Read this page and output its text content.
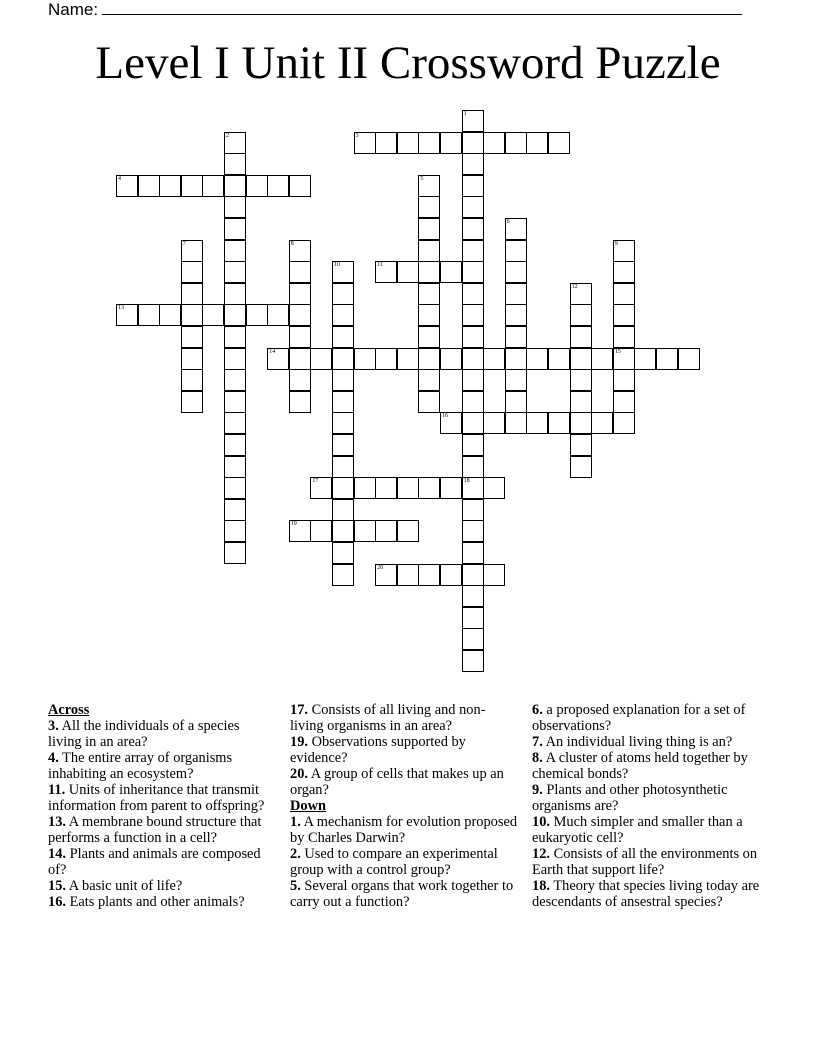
Name:
Level I Unit II Crossword Puzzle
1
2	3
4	5
6
7	8	9
15
10	11
12
13
14
16
17	18
19
20
Across
3. All the individuals of a species living in an area?
4. The entire array of organisms inhabiting an ecosystem?
11. Units of inheritance that transmit information from parent to offspring?
13. A membrane bound structure that performs a function in a cell?
14. Plants and animals are composed of?
15. A basic unit of life?
16. Eats plants and other animals?
17. Consists of all living and non-living organisms in an area?
19. Observations supported by evidence?
20. A group of cells that makes up an organ?
Down
1. A mechanism for evolution proposed by Charles Darwin?
2. Used to compare an experimental group with a control group?
5. Several organs that work together to carry out a function?
6. a proposed explanation for a set of observations?
7. An individual living thing is an?
8. A cluster of atoms held together by chemical bonds?
9. Plants and other photosynthetic organisms are?
10. Much simpler and smaller than a eukaryotic cell?
12. Consists of all the environments on Earth that support life?
18. Theory that species living today are descendants of ansestral species?
